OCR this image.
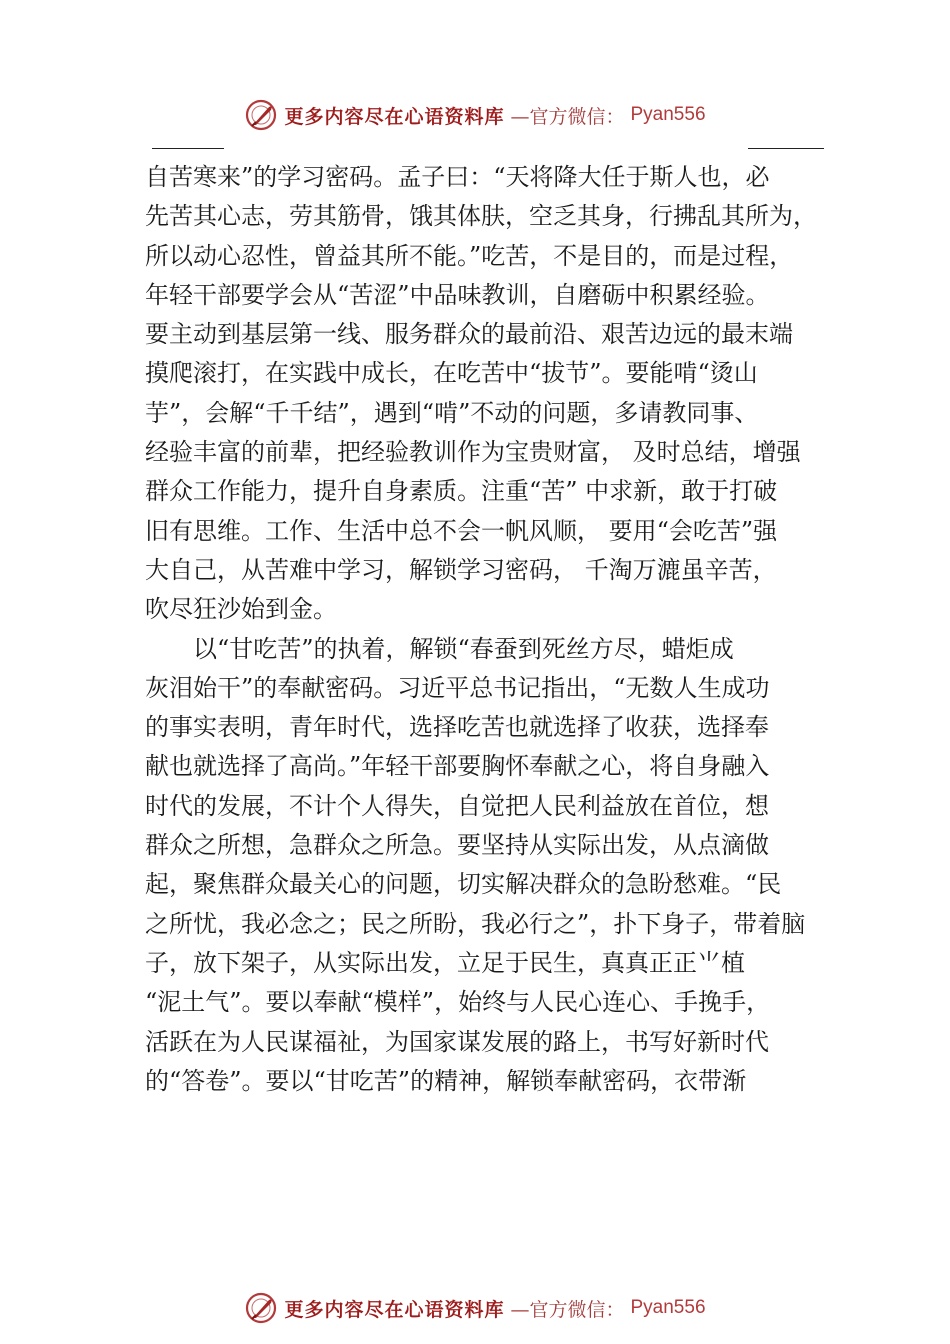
更多内容尽在心语资料库 —官方微信： Pyan556
自苦寒来”的学习密码。孟子曰：“天将降大任于斯人也，必
先苦其心志，劳其筋骨，饿其体肤，空乏其身，行拂乱其所为，
所以动心忍性，曾益其所不能。”吃苦，不是目的，而是过程，
年轻干部要学会从“苦涩”中品味教训，自磨砺中积累经验。
要主动到基层第一线、服务群众的最前沿、艰苦边远的最末端
摸爬滚打，在实践中成长，在吃苦中“拔节”。要能啃“烫山
芋”，会解“千千结”，遇到“啃”不动的问题，多请教同事、
经验丰富的前辈，把经验教训作为宝贵财富， 及时总结，增强
群众工作能力，提升自身素质。注重“苦” 中求新，敢于打破
旧有思维。工作、生活中总不会一帆风顺， 要用“会吃苦”强
大自己，从苦难中学习，解锁学习密码， 千淘万漉虽辛苦，
吹尽狂沙始到金。
以“甘吃苦”的执着，解锁“春蚕到死丝方尽，蜡炬成
灰泪始干”的奉献密码。习近平总书记指出，“无数人生成功
的事实表明，青年时代，选择吃苦也就选择了收获，选择奉
献也就选择了高尚。”年轻干部要胸怀奉献之心，将自身融入
时代的发展，不计个人得失，自觉把人民利益放在首位，想
群众之所想，急群众之所急。要坚持从实际出发，从点滴做
起，聚焦群众最关心的问题，切实解决群众的急盼愁难。“民
之所忧，我必念之；民之所盼，我必行之”，扑下身子，带着脑
子，放下架子，从实际出发，立足于民生，真真正正⺌植
“泥土气”。要以奉献“模样”，始终与人民心连心、手挽手，
活跃在为人民谋福祉，为国家谋发展的路上，书写好新时代
的“答卷”。要以“甘吃苦”的精神，解锁奉献密码，衣带渐
更多内容尽在心语资料库 —官方微信： Pyan556
